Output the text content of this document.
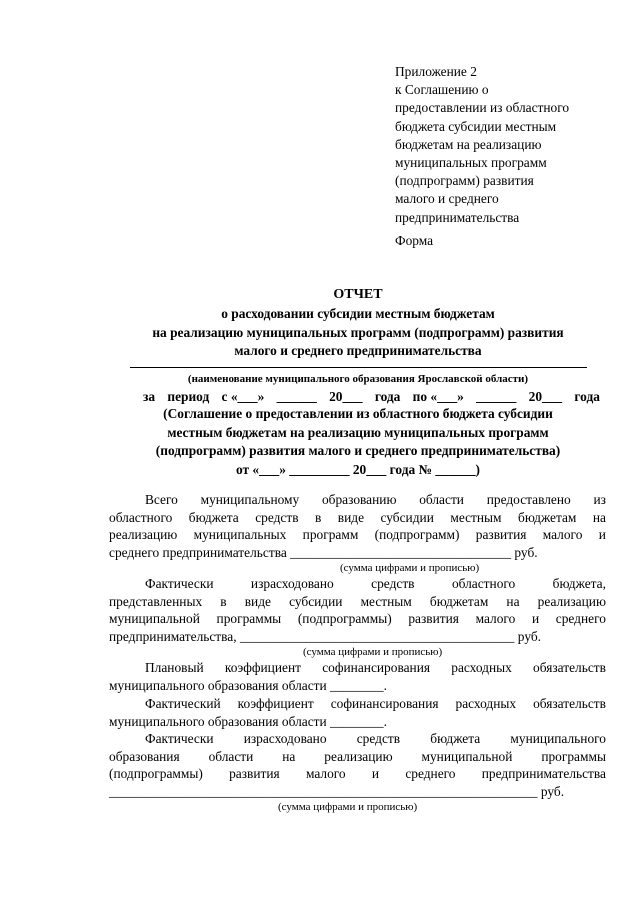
Приложение 2
к Соглашению о
предоставлении из областного
бюджета субсидии местным
бюджетам на реализацию
муниципальных программ
(подпрограмм) развития
малого и среднего
предпринимательства
Форма
ОТЧЕТ
о расходовании субсидии местным бюджетам
на реализацию муниципальных программ (подпрограмм) развития
малого и среднего предпринимательства
(наименование муниципального образования Ярославской области)
за период с «___» ______ 20___ года по «___» ______ 20___ года
(Соглашение о предоставлении из областного бюджета субсидии
местным бюджетам на реализацию муниципальных программ
(подпрограмм) развития малого и среднего предпринимательства)
от «___» _________ 20___ года № ______)
Всего муниципальному образованию области предоставлено из
областного бюджета средств в виде субсидии местным бюджетам на
реализацию муниципальных программ (подпрограмм) развития малого и
среднего предпринимательства _________________________________ руб.
(сумма цифрами и прописью)
Фактически	израсходовано	средств	областного	бюджета,
представленных в виде субсидии местным бюджетам на реализацию
муниципальной программы (подпрограммы) развития малого и среднего
предпринимательства, _________________________________________ руб.
(сумма цифрами и прописью)
Плановый коэффициент софинансирования расходных обязательств
муниципального образования области ________.
Фактический коэффициент софинансирования расходных обязательств
муниципального образования области ________.
Фактически израсходовано средств бюджета муниципального
образования области на реализацию муниципальной программы
(подпрограммы) развития малого и среднего предпринимательства
________________________________________________________________ руб.
(сумма цифрами и прописью)
